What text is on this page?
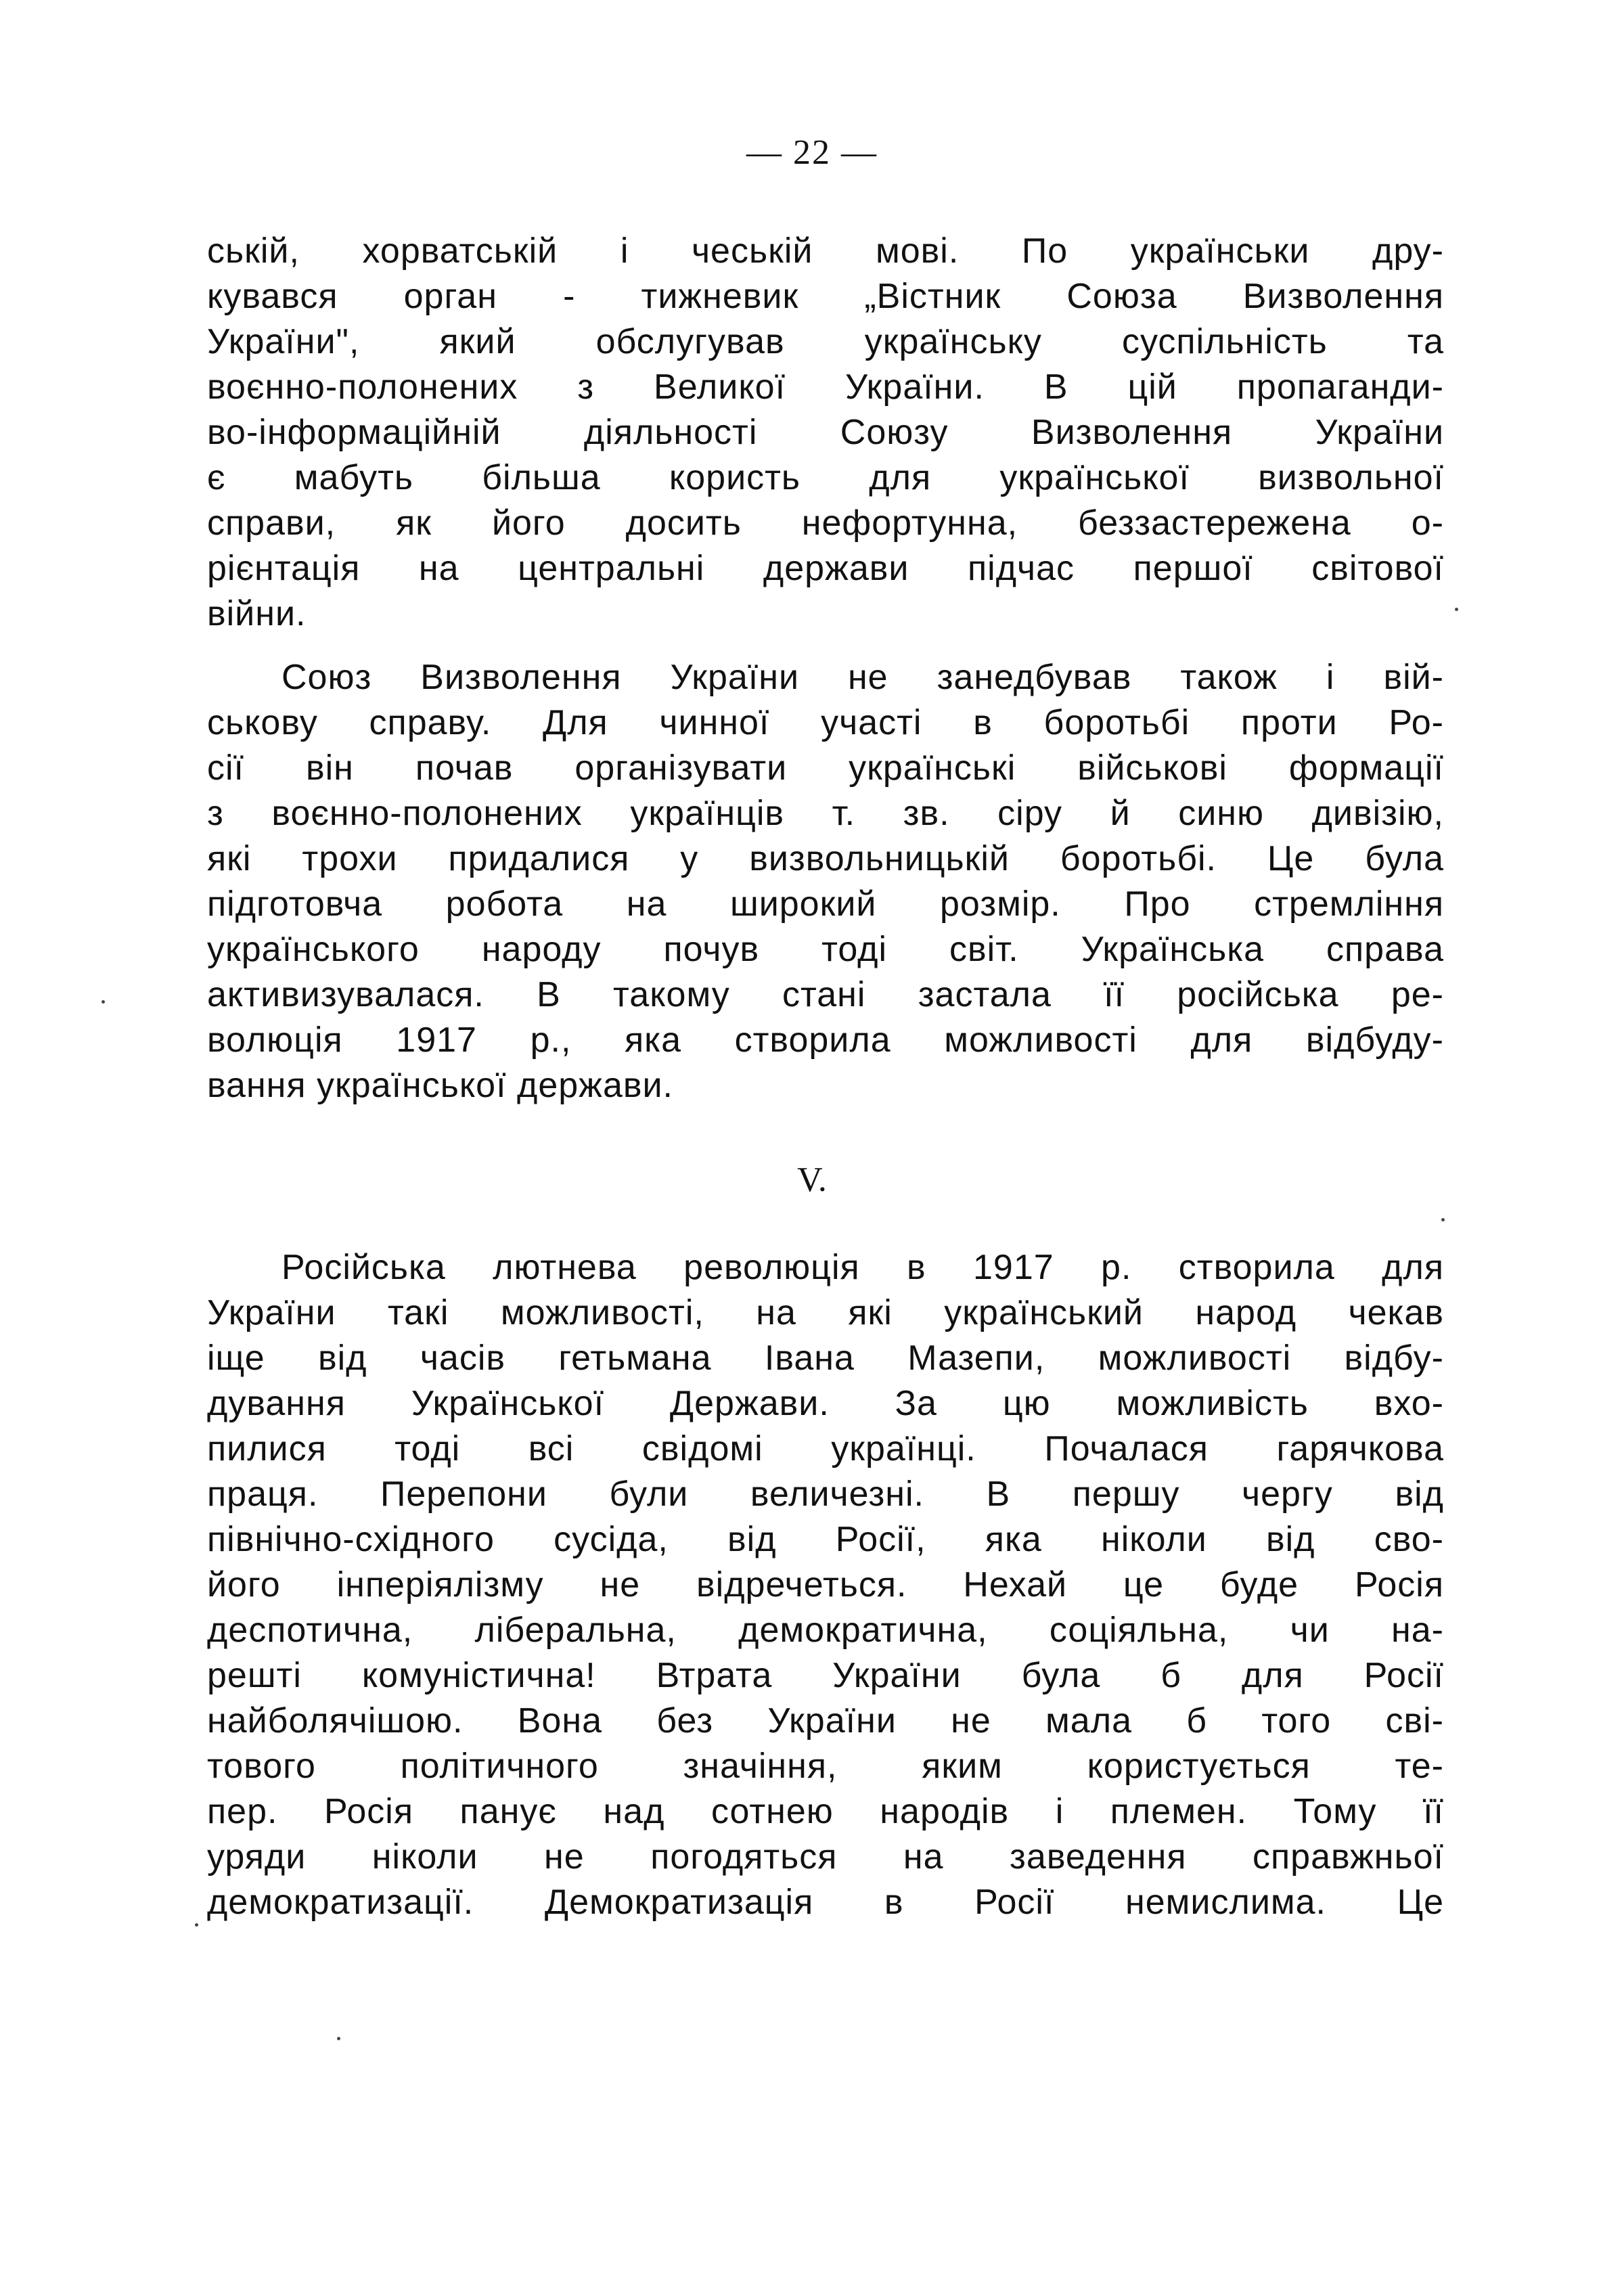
— 22 —
ській, хорватській і чеській мові. По українськи дру-
кувався орган - тижневик „Вістник Союза Визволення
України", який обслугував українську суспільність та
воєнно-полонених з Великої України. В цій пропаганди-
во-інформаційній діяльності Союзу Визволення України
є мабуть більша користь для української визвольної
справи, як його досить нефортунна, беззастережена о-
рієнтація на центральні держави підчас першої світової
війни.
Союз Визволення України не занедбував також і вій-
ськову справу. Для чинної участі в боротьбі проти Ро-
сії він почав організувати українські військові формації
з воєнно-полонених українців т. зв. сіру й синю дивізію,
які трохи придалися у визвольницькій боротьбі. Це була
підготовча робота на широкий розмір. Про стремління
українського народу почув тоді світ. Українська справа
активизувалася. В такому стані застала її російська ре-
волюція 1917 р., яка створила можливості для відбуду-
вання української держави.
V.
Російська лютнева революція в 1917 р. створила для
України такі можливості, на які український народ чекав
іще від часів гетьмана Івана Мазепи, можливості відбу-
дування Української Держави. За цю можливість вхо-
пилися тоді всі свідомі українці. Почалася гарячкова
праця. Перепони були величезні. В першу чергу від
північно-східного сусіда, від Росії, яка ніколи від сво-
його інперіялізму не відречеться. Нехай це буде Росія
деспотична, ліберальна, демократична, соціяльна, чи на-
решті комуністична! Втрата України була б для Росії
найболячішою. Вона без України не мала б того сві-
тового політичного значіння, яким користується те-
пер. Росія панує над сотнею народів і племен. Тому її
уряди ніколи не погодяться на заведення справжньої
демократизації. Демократизація в Росії немислима. Це
